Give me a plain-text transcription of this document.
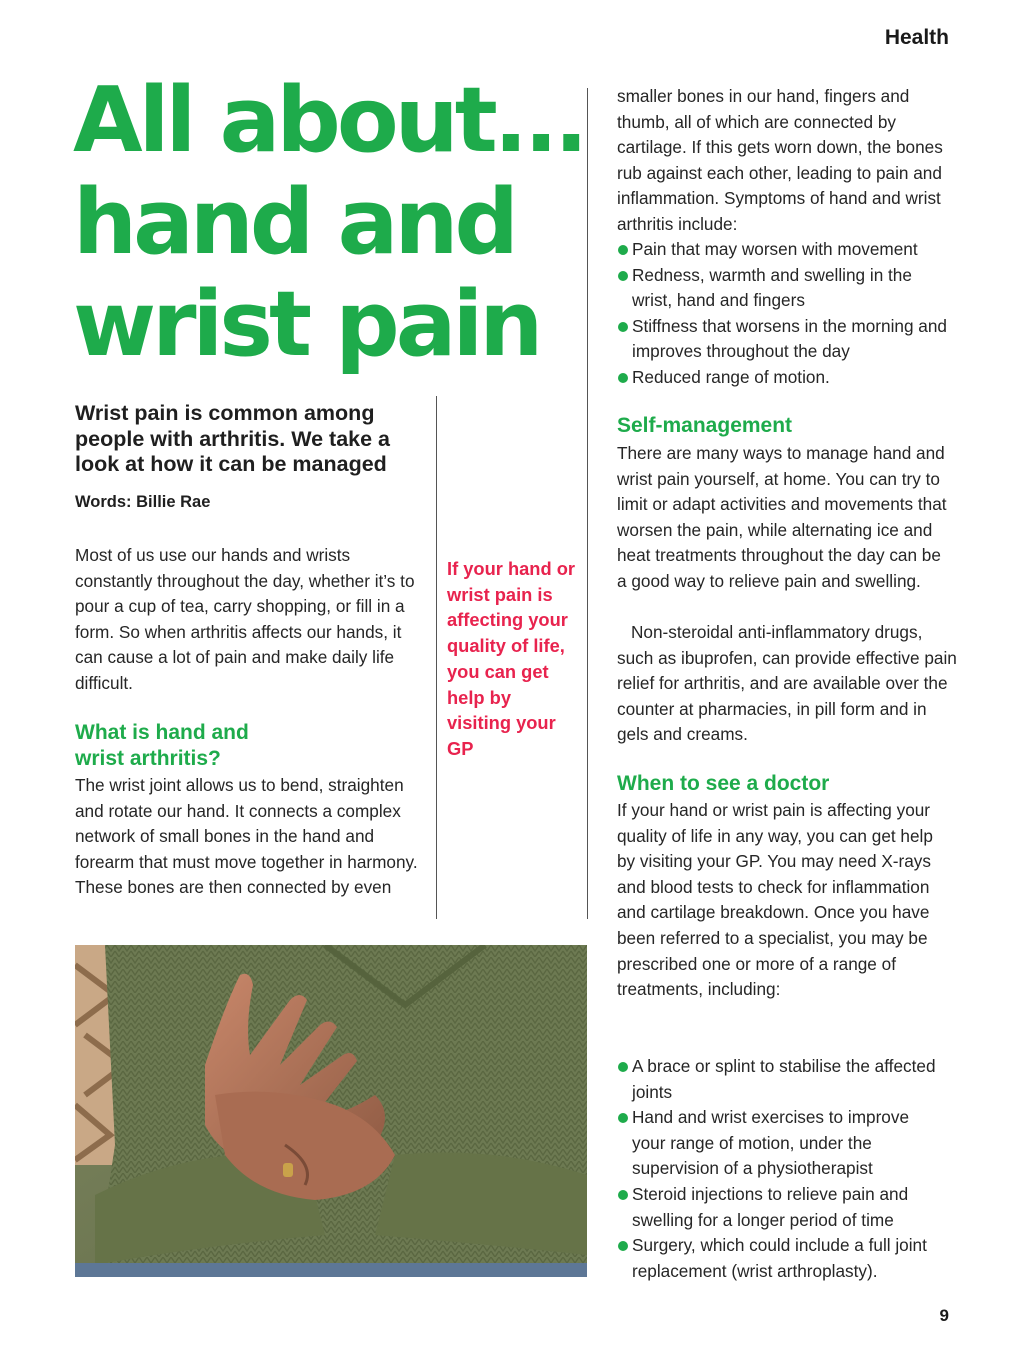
Health
All about...
hand and
wrist pain
Wrist pain is common among people with arthritis. We take a look at how it can be managed
Words: Billie Rae
Most of us use our hands and wrists constantly throughout the day, whether it’s to pour a cup of tea, carry shopping, or fill in a form. So when arthritis affects our hands, it can cause a lot of pain and make daily life difficult.
What is hand and wrist arthritis?
The wrist joint allows us to bend, straighten and rotate our hand. It connects a complex network of small bones in the hand and forearm that must move together in harmony. These bones are then connected by even
If your hand or wrist pain is affecting your quality of life, you can get help by visiting your GP
smaller bones in our hand, fingers and thumb, all of which are connected by cartilage. If this gets worn down, the bones rub against each other, leading to pain and inflammation. Symptoms of hand and wrist arthritis include:
Pain that may worsen with movement
Redness, warmth and swelling in the wrist, hand and fingers
Stiffness that worsens in the morning and improves throughout the day
Reduced range of motion.
Self-management
There are many ways to manage hand and wrist pain yourself, at home. You can try to limit or adapt activities and movements that worsen the pain, while alternating ice and heat treatments throughout the day can be a good way to relieve pain and swelling.
Non-steroidal anti-inflammatory drugs, such as ibuprofen, can provide effective pain relief for arthritis, and are available over the counter at pharmacies, in pill form and in gels and creams.
When to see a doctor
If your hand or wrist pain is affecting your quality of life in any way, you can get help by visiting your GP. You may need X-rays and blood tests to check for inflammation and cartilage breakdown. Once you have been referred to a specialist, you may be prescribed one or more of a range of treatments, including:
A brace or splint to stabilise the affected joints
Hand and wrist exercises to improve your range of motion, under the supervision of a physiotherapist
Steroid injections to relieve pain and swelling for a longer period of time
Surgery, which could include a full joint replacement (wrist arthroplasty).
9
